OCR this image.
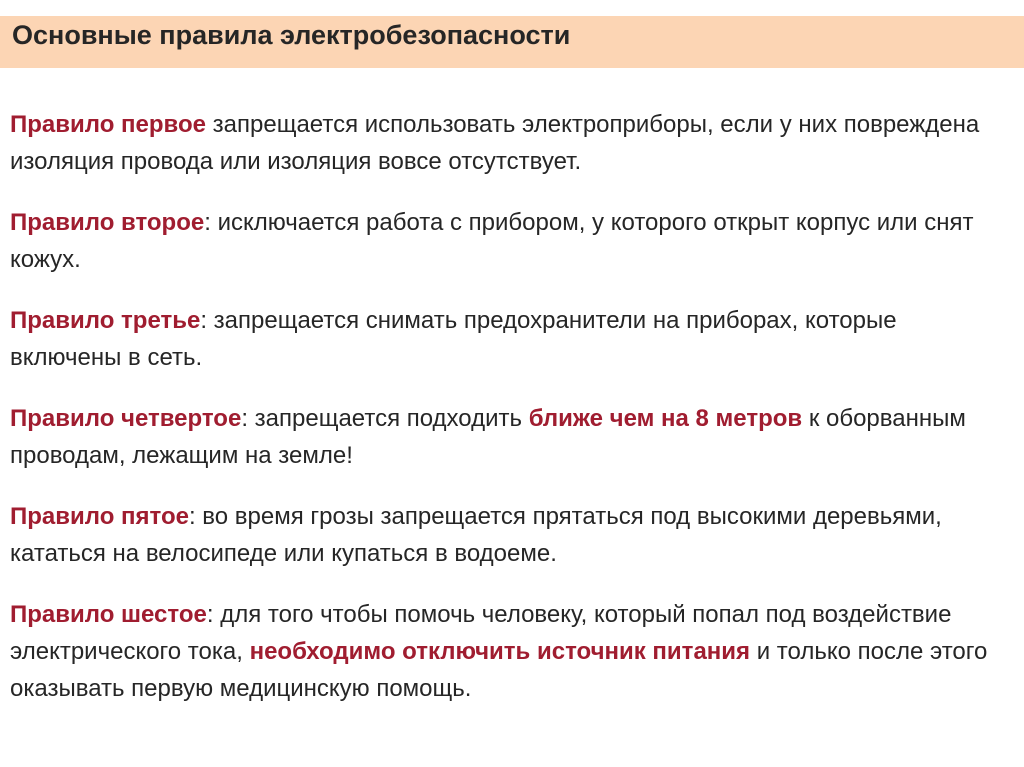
Основные правила электробезопасности

Правило первое запрещается использовать электроприборы, если у них повреждена изоляция провода или изоляция вовсе отсутствует.

Правило второе: исключается работа с прибором, у которого открыт корпус или снят кожух.

Правило третье: запрещается снимать предохранители на приборах, которые включены в сеть.

Правило четвертое: запрещается подходить ближе чем на 8 метров к оборванным проводам, лежащим на земле!

Правило пятое: во время грозы запрещается прятаться под высокими деревьями, кататься на велосипеде или купаться в водоеме.

Правило шестое: для того чтобы помочь человеку, который попал под воздействие электрического тока, необходимо отключить источник питания и только после этого оказывать первую медицинскую помощь.
